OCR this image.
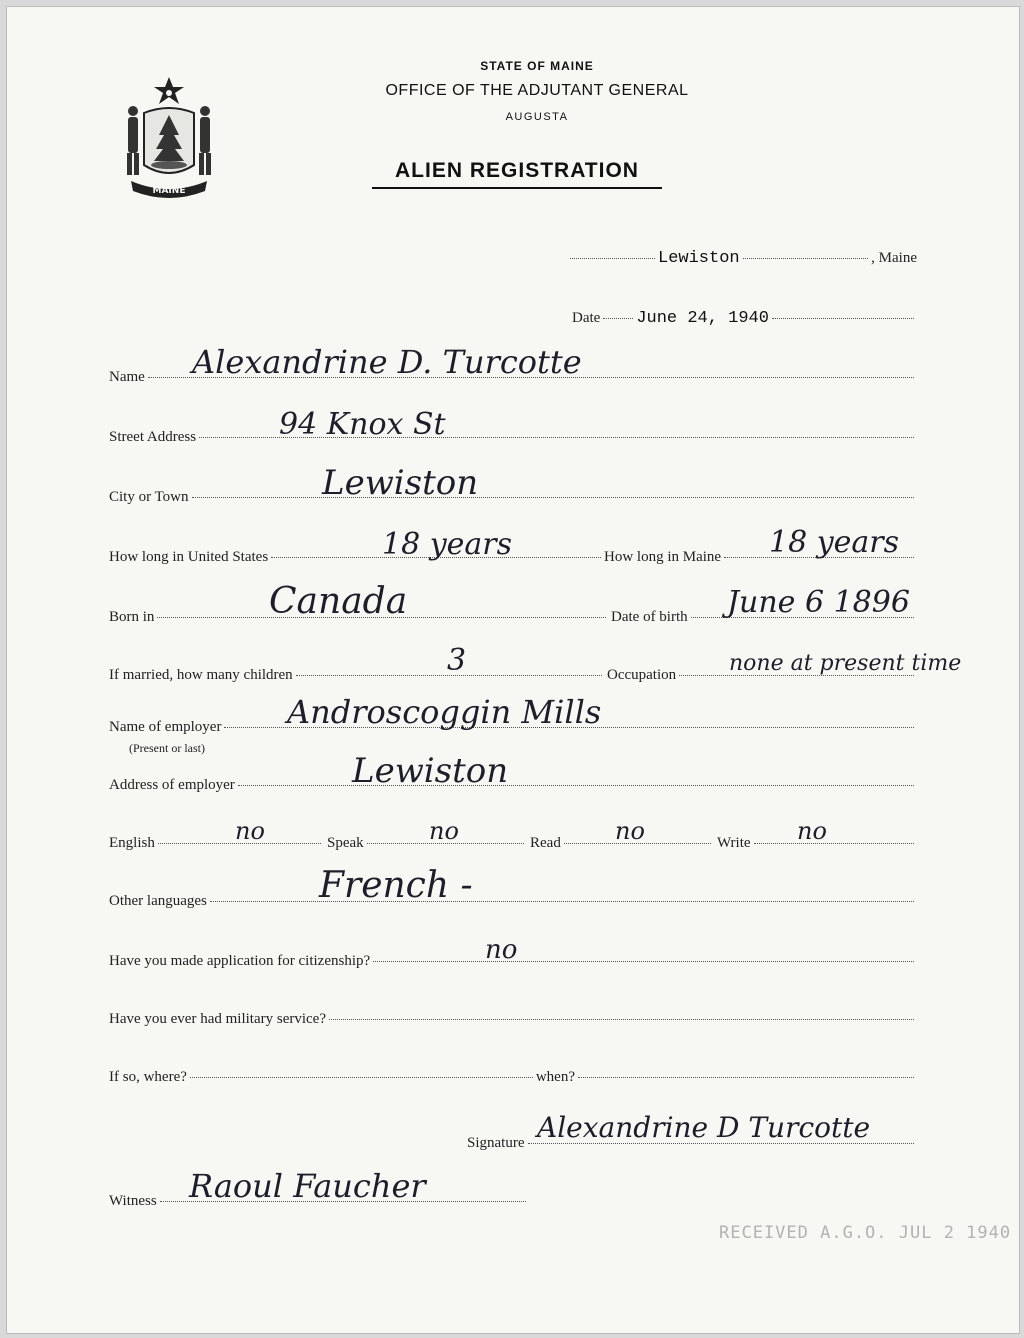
MAINE
STATE OF MAINE
OFFICE OF THE ADJUTANT GENERAL
AUGUSTA
ALIEN REGISTRATION
Lewiston	, Maine
Date June 24, 1940
Name Alexandrine D. Turcotte
Street Address	94 Knox St
City or Town	Lewiston
How long in United States	18 years	How long in Maine 18 years
Born in	Canada	Date of birth June 6 1896
If married, how many children	3	Occupation none at present time
Name of employer
(Present or last)
Androscoggin Mills
Address of employer	Lewiston
English	no	Speak	no	Read no	Write no
Other languages	French -
Have you made application for citizenship?	no
Have you ever had military service?
If so, where?	when?
Signature Alexandrine D Turcotte
Witness Raoul Faucher
RECEIVED A.G.O. JUL 2 1940
